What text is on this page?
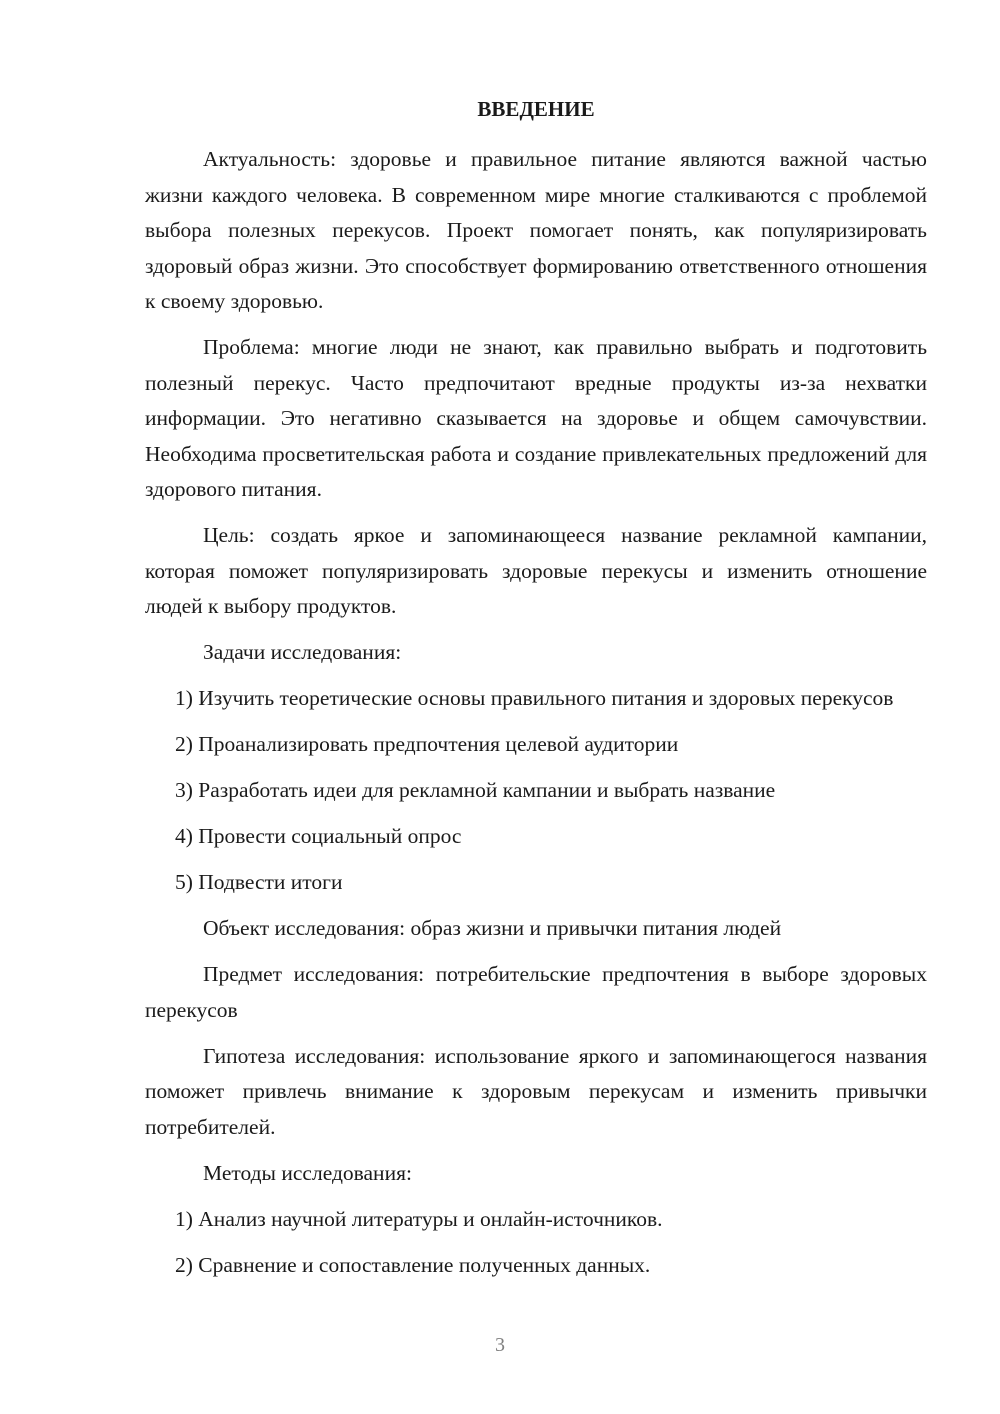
ВВЕДЕНИЕ

Актуальность: здоровье и правильное питание являются важной частью жизни каждого человека. В современном мире многие сталкиваются с проблемой выбора полезных перекусов. Проект помогает понять, как популяризировать здоровый образ жизни. Это способствует формированию ответственного отношения к своему здоровью.

Проблема: многие люди не знают, как правильно выбрать и подготовить полезный перекус. Часто предпочитают вредные продукты из-за нехватки информации. Это негативно сказывается на здоровье и общем самочувствии. Необходима просветительская работа и создание привлекательных предложений для здорового питания.

Цель: создать яркое и запоминающееся название рекламной кампании, которая поможет популяризировать здоровые перекусы и изменить отношение людей к выбору продуктов.

Задачи исследования:

1) Изучить теоретические основы правильного питания и здоровых перекусов

2) Проанализировать предпочтения целевой аудитории

3) Разработать идеи для рекламной кампании и выбрать название

4) Провести социальный опрос

5) Подвести итоги

Объект исследования: образ жизни и привычки питания людей

Предмет исследования: потребительские предпочтения в выборе здоровых перекусов

Гипотеза исследования: использование яркого и запоминающегося названия поможет привлечь внимание к здоровым перекусам и изменить привычки потребителей.

Методы исследования:

1) Анализ научной литературы и онлайн-источников.

2) Сравнение и сопоставление полученных данных.

3
